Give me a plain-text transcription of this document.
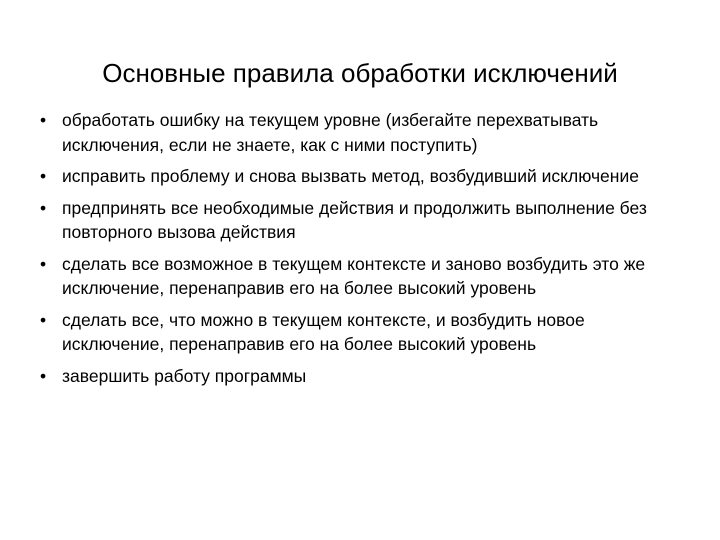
Основные правила обработки исключений
• обработать ошибку на текущем уровне (избегайте перехватывать исключения, если не знаете, как с ними поступить)
• исправить проблему и снова вызвать метод, возбудивший исключение
• предпринять все необходимые действия и продолжить выполнение без повторного вызова действия
• сделать все возможное в текущем контексте и заново возбудить это же исключение, перенаправив его на более высокий уровень
• сделать все, что можно в текущем контексте, и возбудить новое исключение, перенаправив его на более высокий уровень
• завершить работу программы
